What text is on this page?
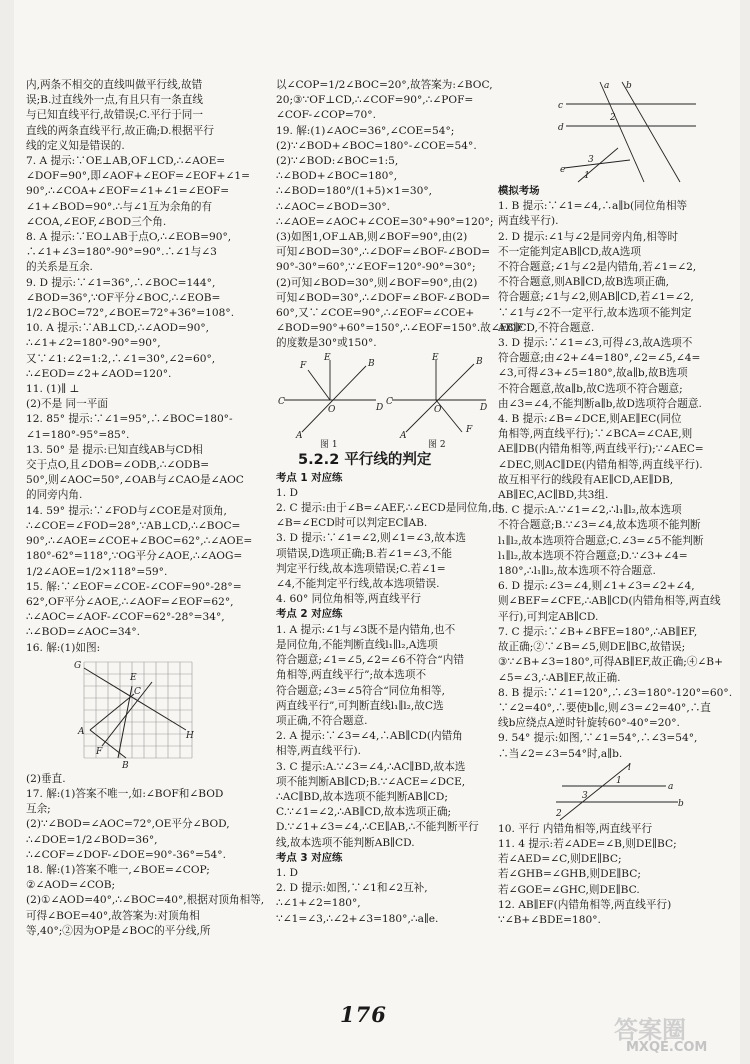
内,两条不相交的直线叫做平行线,故错

误;B.过直线外一点,有且只有一条直线

与已知直线平行,故错误;C.平行于同一

直线的两条直线平行,故正确;D.根据平行

线的定义知是错误的.

7. A 提示:∵OE⊥AB,OF⊥CD,∴∠AOE=

∠DOF=90°,即∠AOF+∠EOF=∠EOF+∠1=

90°,∴∠COA+∠EOF=∠1+∠1=∠EOF=

∠1+∠BOD=90°.∴与∠1互为余角的有

∠COA,∠EOF,∠BOD三个角.

8. A 提示:∵EO⊥AB于点O,∴∠EOB=90°,

∴∠1+∠3=180°-90°=90°.∴∠1与∠3

的关系是互余.

9. D 提示:∵∠1=36°,∴∠BOC=144°,

∠BOD=36°,∵OF平分∠BOC,∴∠EOB=

1/2∠BOC=72°,∠BOE=72°+36°=108°.

10. A 提示:∵AB⊥CD,∴∠AOD=90°,

∴∠1+∠2=180°-90°=90°,

又∵∠1:∠2=1:2,∴∠1=30°,∠2=60°,

∴∠EOD=∠2+∠AOD=120°.

11. (1)∥ ⊥

(2)不是 同一平面

12. 85° 提示:∵∠1=95°,∴∠BOC=180°-

∠1=180°-95°=85°.

13. 50° 是 提示:已知直线AB与CD相

交于点O,且∠DOB=∠ODB,∴∠ODB=

50°,则∠AOC=50°,∠OAB与∠CAO是∠AOC

的同旁内角.

14. 59° 提示:∵∠FOD与∠COE是对顶角,

∴∠COE=∠FOD=28°,∵AB⊥CD,∴∠BOC=

90°,∴∠AOE=∠COE+∠BOC=62°,∴∠AOE=

180°-62°=118°,∵OG平分∠AOE,∴∠AOG=

1/2∠AOE=1/2×118°=59°.

15. 解:∵∠EOF=∠COE-∠COF=90°-28°=

62°,OF平分∠AOE,∴∠AOF=∠EOF=62°,

∴∠AOC=∠AOF-∠COF=62°-28°=34°,

∴∠BOD=∠AOC=34°.

16. 解:(1)如图:

G
E
C
A	H
F
B

(2)垂直.

17. 解:(1)答案不唯一,如:∠BOF和∠BOD

互余;

(2)∵∠BOD=∠AOC=72°,OE平分∠BOD,

∴∠DOE=1/2∠BOD=36°,

∴∠COF=∠DOF-∠DOE=90°-36°=54°.

18. 解:(1)答案不唯一,∠BOE=∠COP;

②∠AOD=∠COB;

(2)①∠AOD=40°,∴∠BOC=40°,根据对顶角相等,

可得∠BOE=40°,故答案为:对顶角相

等,40°;②因为OP是∠BOC的平分线,所

以∠COP=1/2∠BOC=20°,故答案为:∠BOC,

20;③∵OF⊥CD,∴∠COF=90°,∴∠POF=

∠COF-∠COP=70°.

19. 解:(1)∠AOC=36°,∠COE=54°;

(2)∵∠BOD+∠BOC=180°-∠COE=54°.

(2)∵∠BOD:∠BOC=1:5,

∴∠BOD+∠BOC=180°,

∴∠BOD=180°/(1+5)×1=30°,

∴∠AOC=∠BOD=30°.

∴∠AOE=∠AOC+∠COE=30°+90°=120°;

(3)如图1,OF⊥AB,则∠BOF=90°,由(2)

可知∠BOD=30°,∴∠DOF=∠BOF-∠BOD=

90°-30°=60°,∵∠EOF=120°-90°=30°;

(2)可知∠BOD=30°,则∠BOF=90°,由(2)

可知∠BOD=30°,∴∠DOF=∠BOF-∠BOD=

60°,又∵∠COE=90°,∴∠EOF=∠COE+

∠BOD=90°+60°=150°,∴∠EOF=150°.故∠EOF

的度数是30°或150°.

F
E
B
C
O	D
A
E
F
B
C
O	D
A
图 1	图 2
5.2.2 平行线的判定
考点 1 对应练

1. D

2. C 提示:由于∠B=∠AEF,∴∠ECD是同位角,由

∠B=∠ECD时可以判定EC∥AB.

3. D 提示:∵∠1=∠2,则∠1=∠3,故本选

项错误,D选项正确;B.若∠1=∠3,不能

判定平行线,故本选项错误;C.若∠1=

∠4,不能判定平行线,故本选项错误.

4. 60° 同位角相等,两直线平行

考点 2 对应练

1. A 提示:∠1与∠3既不是内错角,也不

是同位角,不能判断直线l₁∥l₂,A选项

符合题意;∠1=∠5,∠2=∠6不符合“内错

角相等,两直线平行”;故本选项不

符合题意;∠3=∠5符合“同位角相等,

两直线平行”,可判断直线l₁∥l₂,故C选

项正确,不符合题意.

2. A 提示:∵∠3=∠4,∴AB∥CD(内错角

相等,两直线平行).

3. C 提示:A.∵∠3=∠4,∴AC∥BD,故本选

项不能判断AB∥CD;B.∵∠ACE=∠DCE,

∴AC∥BD,故本选项不能判断AB∥CD;

C.∵∠1=∠2,∴AB∥CD,故本选项正确;

D.∵∠1+∠3=∠4,∴CE∥AB,∴不能判断平行

线,故本选项不能判断AB∥CD.

考点 3 对应练

1. D

2. D 提示:如图,∵∠1和∠2互补,

∴∠1+∠2=180°,

∵∠1=∠3,∴∠2+∠3=180°,∴a∥e.

a b
c
2
d
e
3
1
模拟考场

1. B 提示:∵∠1=∠4,∴a∥b(同位角相等

两直线平行).

2. D 提示:∠1与∠2是同旁内角,相等时

不一定能判定AB∥CD,故A选项

不符合题意;∠1与∠2是内错角,若∠1=∠2,

不符合题意,则AB∥CD,故B选项正确,

符合题意;∠1与∠2,则AB∥CD,若∠1=∠2,

∵∠1与∠2不一定平行,故本选项不能判定

AB∥CD,不符合题意.

3. D 提示:∵∠1=∠3,可得∠3,故A选项不

符合题意;由∠2+∠4=180°,∠2=∠5,∠4=

∠3,可得∠3+∠5=180°,故a∥b,故B选项

不符合题意,故a∥b,故C选项不符合题意;

由∠3=∠4,不能判断a∥b,故D选项符合题意.

4. B 提示:∠B=∠DCE,则AE∥EC(同位

角相等,两直线平行);∵∠BCA=∠CAE,则

AE∥DB(内错角相等,两直线平行);∵∠AEC=

∠DEC,则AC∥DE(内错角相等,两直线平行).

故互相平行的线段有AE∥CD,AE∥DB,

AB∥EC,AC∥BD,共3组.

5. C 提示:A.∵∠1=∠2,∴l₁∥l₂,故本选项

不符合题意;B.∵∠3=∠4,故本选项不能判断

l₁∥l₂,故本选项符合题意;C.∠3=∠5不能判断

l₁∥l₂,故本选项不符合题意;D.∵∠3+∠4=

180°,∴l₁∥l₂,故本选项不符合题意.

6. D 提示:∠3=∠4,则∠1+∠3=∠2+∠4,

则∠BEF=∠CFE,∴AB∥CD(内错角相等,两直线

平行),可判定AB∥CD.

7. C 提示:∵∠B+∠BFE=180°,∴AB∥EF,

故正确;②∵∠B=∠5,则DE∥BC,故错误;

③∵∠B+∠3=180°,可得AB∥EF,故正确;④∠B+

∠5=∠3,∴AB∥EF,故正确.

8. B 提示:∵∠1=120°,∴∠3=180°-120°=60°.

∵∠2=40°,∴要使b∥c,则∠3=∠2=40°,∴直

线b应绕点A逆时针旋转60°-40°=20°.

9. 54° 提示:如图,∵∠1=54°,∴∠3=54°,

∴当∠2=∠3=54°时,a∥b.

l
1
a
3
b
2

10. 平行 内错角相等,两直线平行

11. 4 提示:若∠ADE=∠B,则DE∥BC;

若∠AED=∠C,则DE∥BC;

若∠GHB=∠GHB,则DE∥BC;

若∠GOE=∠GHC,则DE∥BC.

12. AB∥EF(内错角相等,两直线平行)

∵∠B+∠BDE=180°.

176
答案圈
MXQE.COM
